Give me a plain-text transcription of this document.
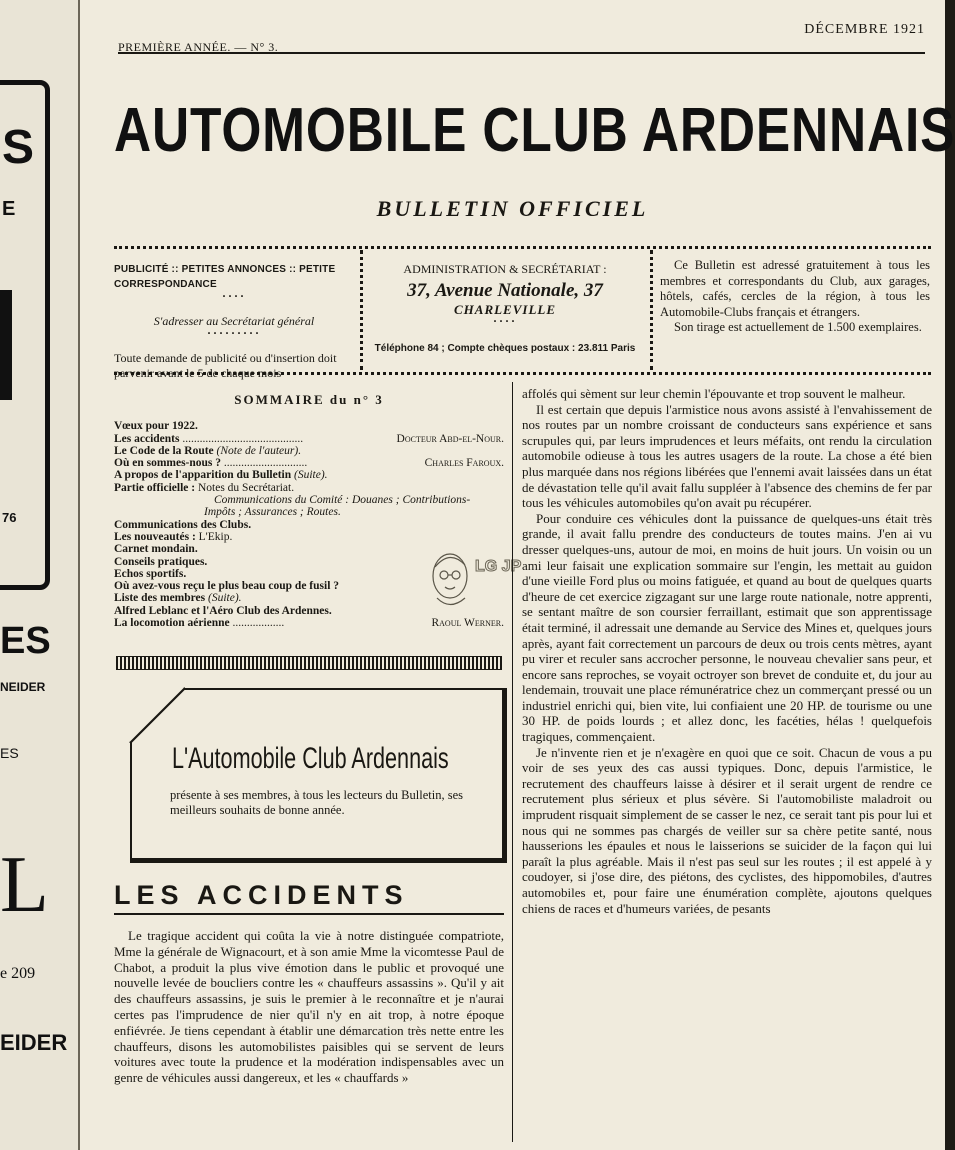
S
E
76
ES
NEIDER
ES
L
e 209
EIDER
PREMIÈRE ANNÉE. — N° 3.
DÉCEMBRE 1921
AUTOMOBILE CLUB ARDENNAIS
BULLETIN OFFICIEL
PUBLICITÉ :: PETITES ANNONCES :: PETITE CORRESPONDANCE
····
S'adresser au Secrétariat général
·········
Toute demande de publicité ou d'insertion doit parvenir avant le 5 de chaque mois
ADMINISTRATION & SECRÉTARIAT :
37, Avenue Nationale, 37
CHARLEVILLE
····
Téléphone 84 ; Compte chèques postaux : 23.811 Paris

Ce Bulletin est adressé gratuitement à tous les membres et correspondants du Club, aux garages, hôtels, cafés, cercles de la région, à tous les Automobile-Clubs français et étrangers.

Son tirage est actuellement de 1.500 exemplaires.

SOMMAIRE du n° 3
Vœux pour 1922.
Docteur Abd-el-Nour.
Les accidents ..........................................
Le Code de la Route (Note de l'auteur).
Charles Faroux.
Où en sommes-nous ? .............................
A propos de l'apparition du Bulletin (Suite).
Partie officielle : Notes du Secrétariat.
Communications du Comité : Douanes ; Contributions-
Impôts ; Assurances ; Routes.
Communications des Clubs.
Les nouveautés : L'Ekip.
Carnet mondain.
Conseils pratiques.
Echos sportifs.
Où avez-vous reçu le plus beau coup de fusil ?
Liste des membres (Suite).
Alfred Leblanc et l'Aéro Club des Ardennes.
Raoul Werner.
La locomotion aérienne ..................
LG JP
L'Automobile Club Ardennais
présente à ses membres, à tous les lecteurs du Bulletin, ses meilleurs souhaits de bonne année.
LES ACCIDENTS

Le tragique accident qui coûta la vie à notre distinguée compatriote, Mme la générale de Wignacourt, et à son amie Mme la vicomtesse Paul de Chabot, a produit la plus vive émotion dans le public et provoqué une nouvelle levée de boucliers contre les « chauffeurs assassins ». Qu'il y ait des chauffeurs assassins, je suis le premier à le reconnaître et je n'aurai certes pas l'imprudence de nier qu'il n'y en ait trop, à notre époque enfiévrée. Je tiens cependant à établir une démarcation très nette entre les chauffeurs, disons les automobilistes paisibles qui se servent de leurs voitures avec toute la prudence et la modération indispensables avec un genre de véhicules aussi dangereux, et les « chauffards »

affolés qui sèment sur leur chemin l'épouvante et trop souvent le malheur.

Il est certain que depuis l'armistice nous avons assisté à l'envahissement de nos routes par un nombre croissant de conducteurs sans expérience et sans scrupules qui, par leurs imprudences et leurs méfaits, ont rendu la circulation automobile odieuse à tous les autres usagers de la route. La chose a été bien plus marquée dans nos régions libérées que l'ennemi avait laissées dans un état de dévastation telle qu'il avait fallu suppléer à l'absence des chemins de fer par tous les véhicules automobiles qu'on avait pu récupérer.

Pour conduire ces véhicules dont la puissance de quelques-uns était très grande, il avait fallu prendre des conducteurs de toutes mains. J'en ai vu dresser quelques-uns, autour de moi, en moins de huit jours. Un voisin ou un ami leur faisait une explication sommaire sur l'engin, les mettait au guidon d'une vieille Ford plus ou moins fatiguée, et quand au bout de quelques quarts d'heure de cet exercice zigzagant sur une large route nationale, notre apprenti, se sentant maître de son coursier ferraillant, estimait que son apprentissage était terminé, il adressait une demande au Service des Mines et, quelques jours après, ayant fait correctement un parcours de deux ou trois cents mètres, ayant pu virer et reculer sans accrocher personne, le nouveau chevalier sans peur, et encore sans reproches, se voyait octroyer son brevet de conduite et, du jour au lendemain, trouvait une place rémunératrice chez un commerçant pressé ou un industriel enrichi qui, bien vite, lui confiaient une 20 HP. de tourisme ou une 30 HP. de poids lourds ; et allez donc, les facéties, hélas ! quelquefois tragiques, commençaient.

Je n'invente rien et je n'exagère en quoi que ce soit. Chacun de vous a pu voir de ses yeux des cas aussi typiques. Donc, depuis l'armistice, le recrutement des chauffeurs laisse à désirer et il serait urgent de rendre ce recrutement plus sérieux et plus sévère. Si l'automobiliste maladroit ou imprudent risquait simplement de se casser le nez, ce serait tant pis pour lui et nous qui ne sommes pas chargés de veiller sur sa chère petite santé, nous hausserions les épaules et nous le laisserions se suicider de la façon qui lui paraît la plus agréable. Mais il n'est pas seul sur les routes ; il est appelé à y coudoyer, si j'ose dire, des piétons, des cyclistes, des hippomobiles, d'autres automobiles et, pour faire une énumération complète, ajoutons quelques chiens de races et d'humeurs variées, de pesants
